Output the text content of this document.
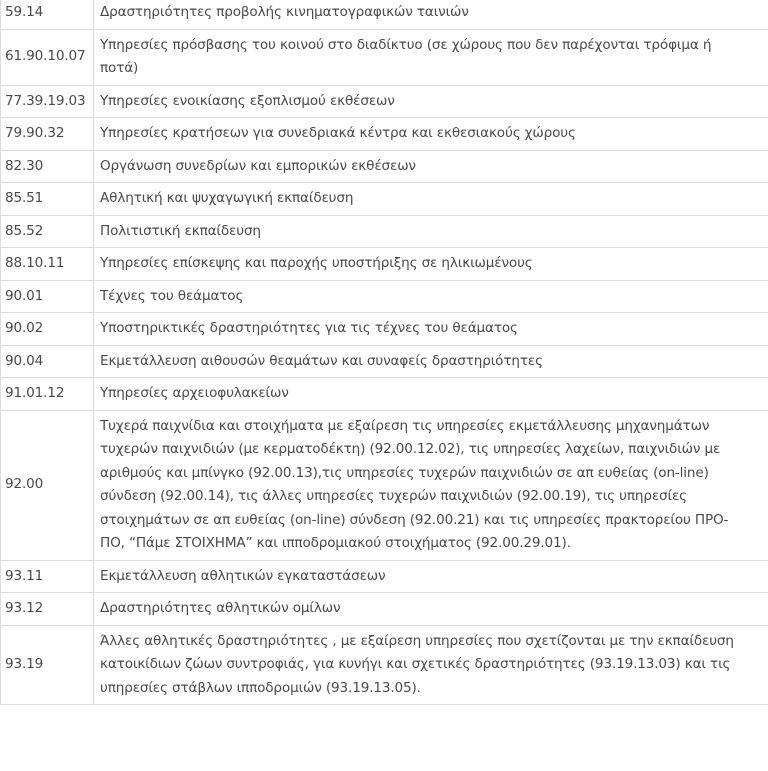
59.14	Δραστηριότητες προβολής κινηματογραφικών ταινιών
61.90.10.07	Υπηρεσίες πρόσβασης του κοινού στο διαδίκτυο (σε χώρους που δεν παρέχονται τρόφιμα ή ποτά)
77.39.19.03	Υπηρεσίες ενοικίασης εξοπλισμού εκθέσεων
79.90.32	Υπηρεσίες κρατήσεων για συνεδριακά κέντρα και εκθεσιακούς χώρους
82.30	Οργάνωση συνεδρίων και εμπορικών εκθέσεων
85.51	Αθλητική και ψυχαγωγική εκπαίδευση
85.52	Πολιτιστική εκπαίδευση
88.10.11	Υπηρεσίες επίσκεψης και παροχής υποστήριξης σε ηλικιωμένους
90.01	Τέχνες του θεάματος
90.02	Υποστηρικτικές δραστηριότητες για τις τέχνες του θεάματος
90.04	Εκμετάλλευση αιθουσών θεαμάτων και συναφείς δραστηριότητες
91.01.12	Υπηρεσίες αρχειοφυλακείων
92.00	Τυχερά παιχνίδια και στοιχήματα με εξαίρεση τις υπηρεσίες εκμετάλλευσης μηχανημάτων τυχερών παιχνιδιών (με κερματοδέκτη) (92.00.12.02), τις υπηρεσίες λαχείων, παιχνιδιών με αριθμούς και μπίνγκο (92.00.13),τις υπηρεσίες τυχερών παιχνιδιών σε απ ευθείας (on-line) σύνδεση (92.00.14), τις άλλες υπηρεσίες τυχερών παιχνιδιών (92.00.19), τις υπηρεσίες στοιχημάτων σε απ ευθείας (on-line) σύνδεση (92.00.21) και τις υπηρεσίες πρακτορείου ΠΡΟ-ΠΟ, “Πάμε ΣΤΟΙΧΗΜΑ” και ιπποδρομιακού στοιχήματος (92.00.29.01).
93.11	Εκμετάλλευση αθλητικών εγκαταστάσεων
93.12	Δραστηριότητες αθλητικών ομίλων
93.19	Άλλες αθλητικές δραστηριότητες , με εξαίρεση υπηρεσίες που σχετίζονται με την εκπαίδευση κατοικίδιων ζώων συντροφιάς, για κυνήγι και σχετικές δραστηριότητες (93.19.13.03) και τις υπηρεσίες στάβλων ιπποδρομιών (93.19.13.05).
